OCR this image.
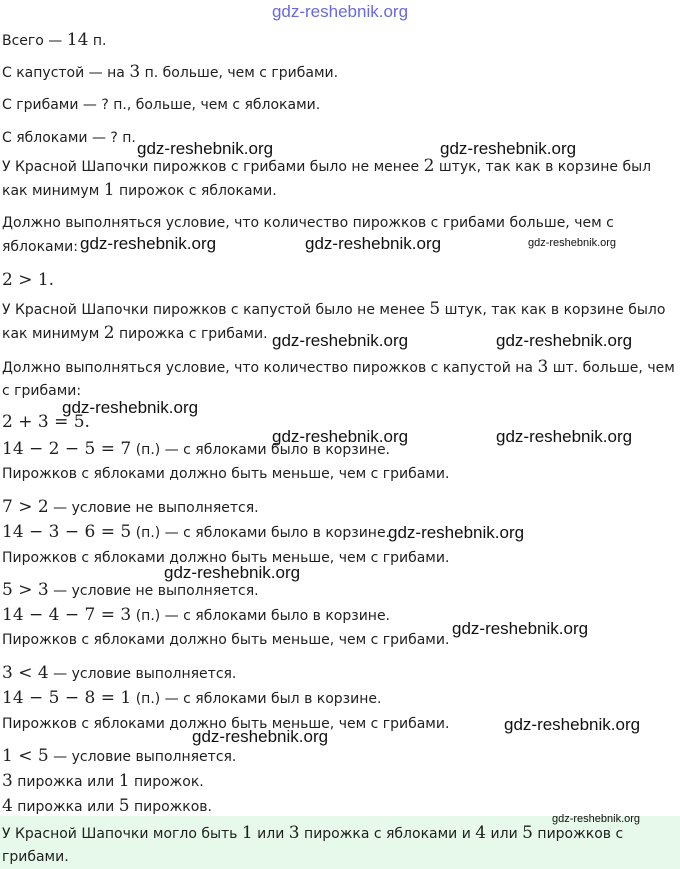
gdz-reshebnik.org
Всего — 14 п.
С капустой — на 3 п. больше, чем с грибами.
С грибами — ? п., больше, чем с яблоками.
С яблоками — ? п.
У Красной Шапочки пирожков с грибами было не менее 2 штук, так как в корзине был
как минимум 1 пирожок с яблоками.
Должно выполняться условие, что количество пирожков с грибами больше, чем с
яблоками:
2 > 1.
У Красной Шапочки пирожков с капустой было не менее 5 штук, так как в корзине было
как минимум 2 пирожка с грибами.
Должно выполняться условие, что количество пирожков с капустой на 3 шт. больше, чем
с грибами:
2 + 3 = 5.
14 − 2 − 5 = 7 (п.) — с яблоками было в корзине.
Пирожков с яблоками должно быть меньше, чем с грибами.
7 > 2 — условие не выполняется.
14 − 3 − 6 = 5 (п.) — с яблоками было в корзине.
Пирожков с яблоками должно быть меньше, чем с грибами.
5 > 3 — условие не выполняется.
14 − 4 − 7 = 3 (п.) — с яблоками было в корзине.
Пирожков с яблоками должно быть меньше, чем с грибами.
3 < 4 — условие выполняется.
14 − 5 − 8 = 1 (п.) — с яблоками был в корзине.
Пирожков с яблоками должно быть меньше, чем с грибами.
1 < 5 — условие выполняется.
3 пирожка или 1 пирожок.
4 пирожка или 5 пирожков.
У Красной Шапочки могло быть 1 или 3 пирожка с яблоками и 4 или 5 пирожков с
грибами.
gdz-reshebnik.org	gdz-reshebnik.org
gdz-reshebnik.org	gdz-reshebnik.org	gdz-reshebnik.org
gdz-reshebnik.org	gdz-reshebnik.org
gdz-reshebnik.org
gdz-reshebnik.org	gdz-reshebnik.org
gdz-reshebnik.org
gdz-reshebnik.org
gdz-reshebnik.org
gdz-reshebnik.org
gdz-reshebnik.org
gdz-reshebnik.org
